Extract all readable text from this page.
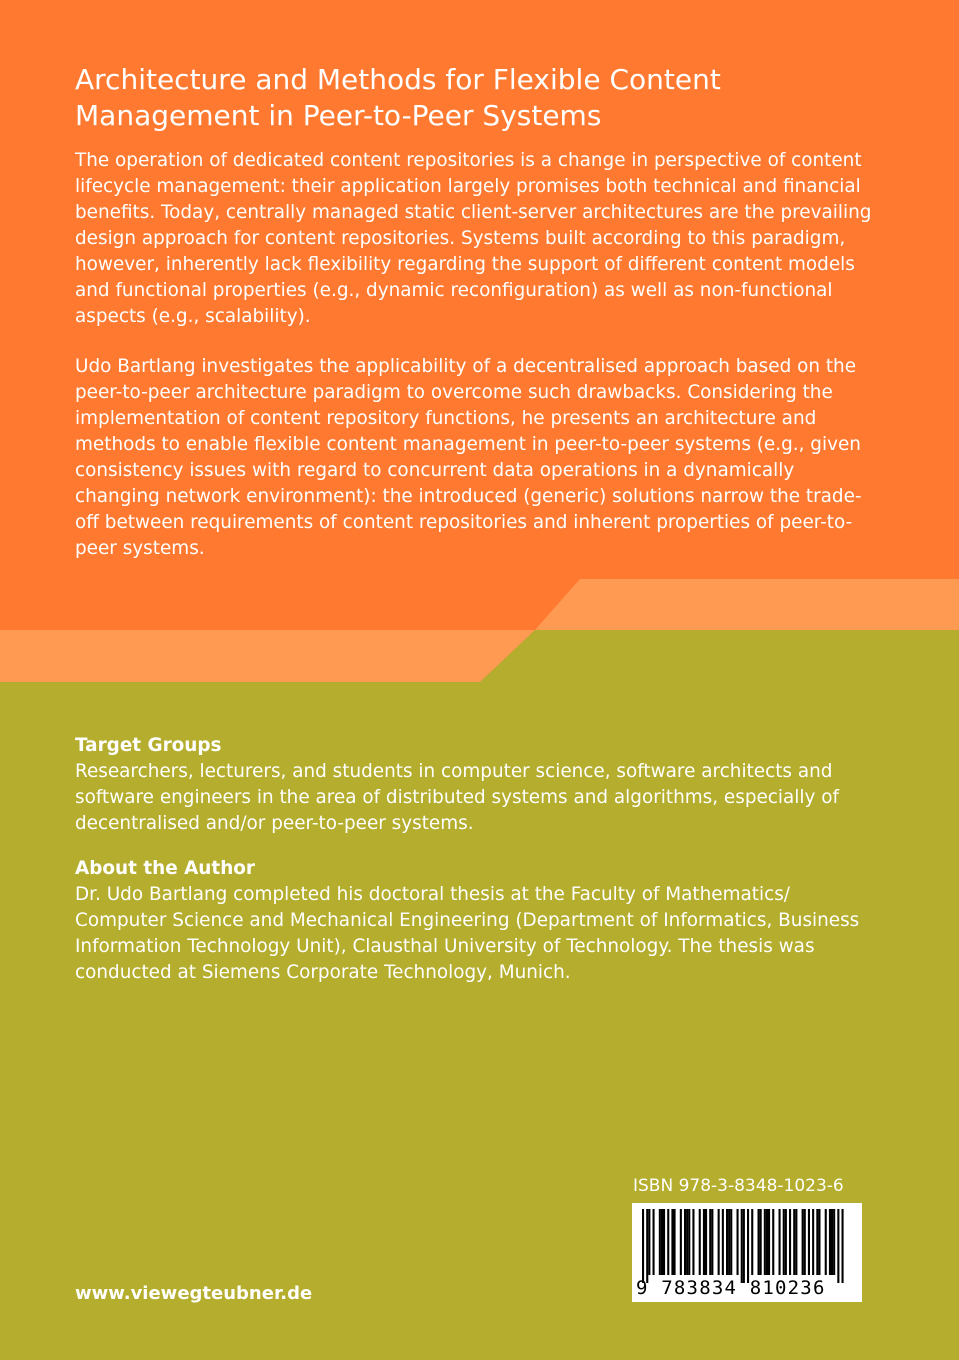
Architecture and Methods for Flexible Content Management in Peer-to-Peer Systems

The operation of dedicated content repositories is a change in perspective of content lifecycle management: their application largely promises both technical and financial benefits. Today, centrally managed static client-server architectures are the prevailing design approach for content repositories. Systems built according to this paradigm, however, inherently lack flexibility regarding the support of different content models and functional properties (e.g., dynamic reconfiguration) as well as non-functional aspects (e.g., scalability).

Udo Bartlang investigates the applicability of a decentralised approach based on the peer-to-peer architecture paradigm to overcome such drawbacks. Considering the implementation of content repository functions, he presents an architecture and methods to enable flexible content management in peer-to-peer systems (e.g., given consistency issues with regard to concurrent data operations in a dynamically changing network environment): the introduced (generic) solutions narrow the trade-off between requirements of content repositories and inherent properties of peer-to-peer systems.

Target Groups

Researchers, lecturers, and students in computer science, software architects and software engineers in the area of distributed systems and algorithms, especially of decentralised and/or peer-to-peer systems.

About the Author

Dr. Udo Bartlang completed his doctoral thesis at the Faculty of Mathematics/ Computer Science and Mechanical Engineering (Department of Informatics, Business Information Technology Unit), Clausthal University of Technology. The thesis was conducted at Siemens Corporate Technology, Munich.

ISBN 978-3-8348-1023-6

9 783834 810236

www.viewegteubner.de
